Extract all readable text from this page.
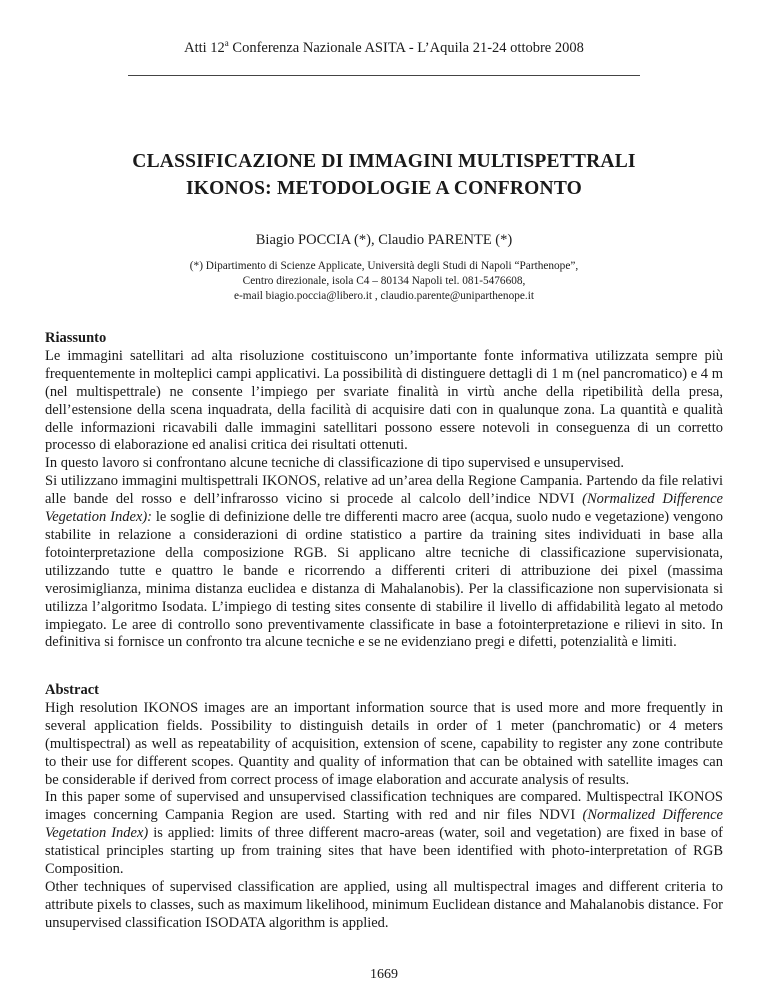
Atti 12$^a$ Conferenza Nazionale ASITA - L’Aquila 21-24 ottobre 2008
CLASSIFICAZIONE DI IMMAGINI MULTISPETTRALI
IKONOS: METODOLOGIE A CONFRONTO
Biagio POCCIA (*), Claudio PARENTE (*)
(*) Dipartimento di Scienze Applicate, Università degli Studi di Napoli “Parthenope”,
Centro direzionale, isola C4 – 80134 Napoli tel. 081-5476608,
e-mail biagio.poccia@libero.it , claudio.parente@uniparthenope.it
Riassunto

Le immagini satellitari ad alta risoluzione costituiscono un’importante fonte informativa utilizzata sempre più frequentemente in molteplici campi applicativi. La possibilità di distinguere dettagli di 1 m (nel pancromatico) e 4 m (nel multispettrale) ne consente l’impiego per svariate finalità in virtù anche della ripetibilità della presa, dell’estensione della scena inquadrata, della facilità di acquisire dati con in qualunque zona. La quantità e qualità delle informazioni ricavabili dalle immagini satellitari possono essere notevoli in conseguenza di un corretto processo di elaborazione ed analisi critica dei risultati ottenuti.

In questo lavoro si confrontano alcune tecniche di classificazione di tipo supervised e unsupervised.

Si utilizzano immagini multispettrali IKONOS, relative ad un’area della Regione Campania. Partendo da file relativi alle bande del rosso e dell’infrarosso vicino si procede al calcolo dell’indice NDVI (Normalized Difference Vegetation Index): le soglie di definizione delle tre differenti macro aree (acqua, suolo nudo e vegetazione) vengono stabilite in relazione a considerazioni di ordine statistico a partire da training sites individuati in base alla fotointerpretazione della composizione RGB. Si applicano altre tecniche di classificazione supervisionata, utilizzando tutte e quattro le bande e ricorrendo a differenti criteri di attribuzione dei pixel (massima verosimiglianza, minima distanza euclidea e distanza di Mahalanobis). Per la classificazione non supervisionata si utilizza l’algoritmo Isodata. L’impiego di testing sites consente di stabilire il livello di affidabilità legato al metodo impiegato. Le aree di controllo sono preventivamente classificate in base a fotointerpretazione e rilievi in sito. In definitiva si fornisce un confronto tra alcune tecniche e se ne evidenziano pregi e difetti, potenzialità e limiti.

Abstract

High resolution IKONOS images are an important information source that is used more and more frequently in several application fields. Possibility to distinguish details in order of 1 meter (panchromatic) or 4 meters (multispectral) as well as repeatability of acquisition, extension of scene, capability to register any zone contribute to their use for different scopes. Quantity and quality of information that can be obtained with satellite images can be considerable if derived from correct process of image elaboration and accurate analysis of results.

In this paper some of supervised and unsupervised classification techniques are compared. Multispectral IKONOS images concerning Campania Region are used. Starting with red and nir files NDVI (Normalized Difference Vegetation Index) is applied: limits of three different macro-areas (water, soil and vegetation) are fixed in base of statistical principles starting up from training sites that have been identified with photo-interpretation of RGB Composition.

Other techniques of supervised classification are applied, using all multispectral images and different criteria to attribute pixels to classes, such as maximum likelihood, minimum Euclidean distance and Mahalanobis distance. For unsupervised classification ISODATA algorithm is applied.

1669
